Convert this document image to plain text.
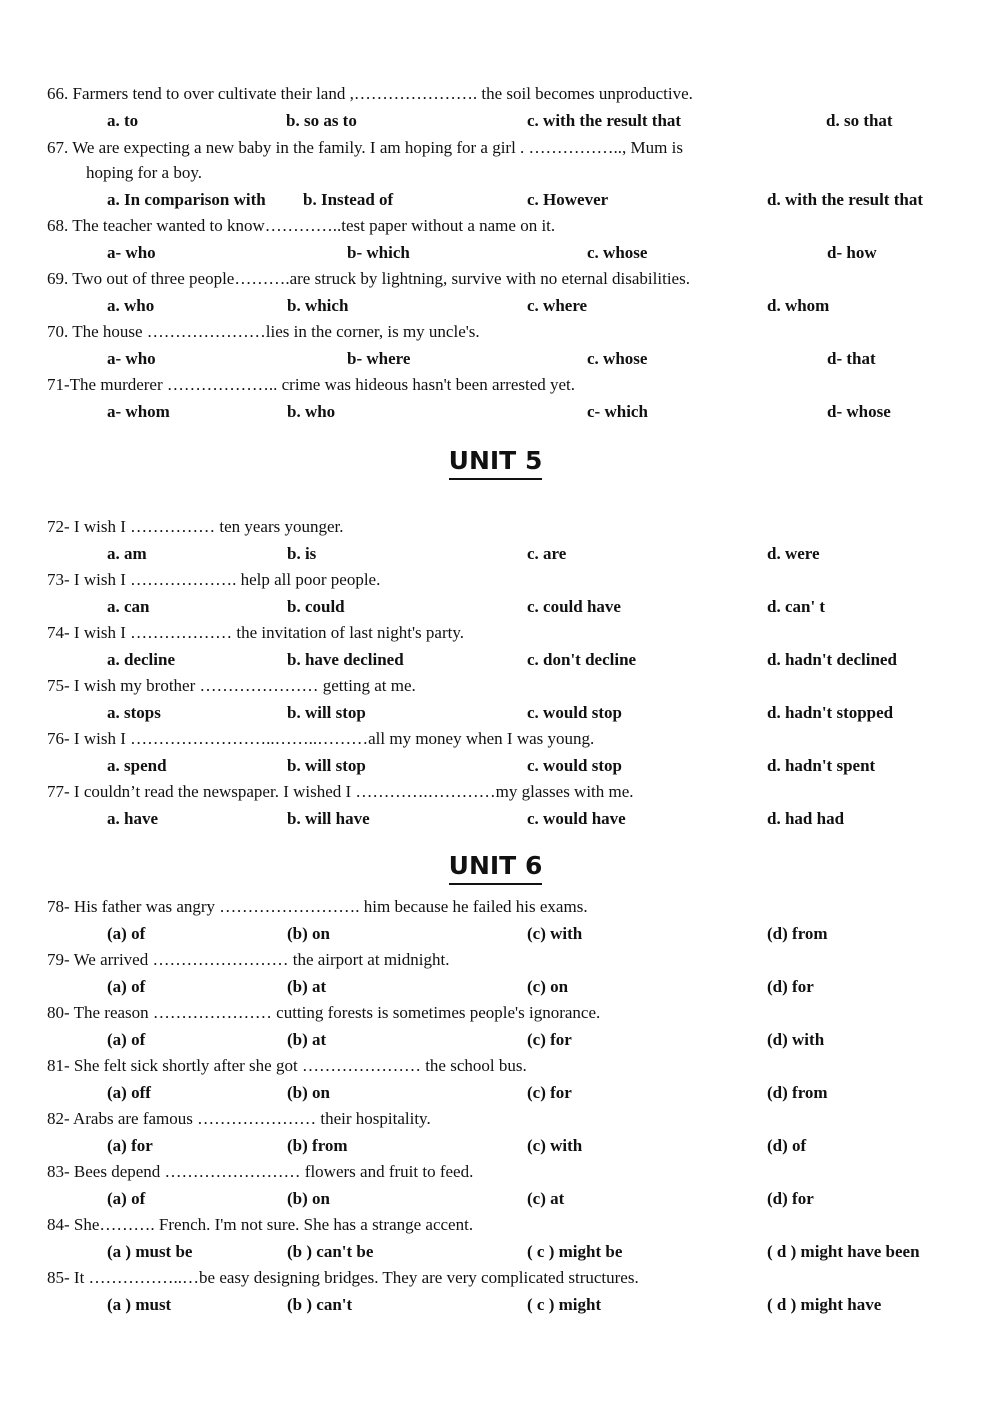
66. Farmers tend to over cultivate their land ,…………………. the soil becomes unproductive.
a. to	b. so as to	c. with the result that	d. so that
67. We are expecting a new baby in the family. I am hoping for a girl . …………….., Mum is
hoping for a boy.
a. In comparison with b. Instead of	c. However	d. with the result that
68. The teacher wanted to know…………..test paper without a name on it.
a- who	b- which	c. whose	d- how
69. Two out of three people……….are struck by lightning, survive with no eternal disabilities.
a. who	b. which	c. where	d. whom
70. The house …………………lies in the corner, is my uncle's.
a- who	b- where	c. whose	d- that
71-The murderer ……………….. crime was hideous hasn't been arrested yet.
a- whom	b. who	c- which	d- whose
UNIT 5
72- I wish I …………… ten years younger.
a. am	b. is	c. are	d. were
73- I wish I ………………. help all poor people.
a. can	b. could	c. could have	d. can' t
74- I wish I ……………… the invitation of last night's party.
a. decline	b. have declined	c. don't decline	d. hadn't declined
75- I wish my brother ………………… getting at me.
a. stops	b. will stop	c. would stop	d. hadn't stopped
76- I wish I ……………………..……..………all my money when I was young.
a. spend	b. will stop	c. would stop	d. hadn't spent
77- I couldn’t read the newspaper. I wished I ………….…………my glasses with me.
a. have	b. will have	c. would have	d. had had
UNIT 6
78- His father was angry ……………………. him because he failed his exams.
(a) of	(b) on	(c) with	(d) from
79- We arrived …………………… the airport at midnight.
(a) of	(b) at	(c) on	(d) for
80- The reason ………………… cutting forests is sometimes people's ignorance.
(a) of	(b) at	(c) for	(d) with
81- She felt sick shortly after she got ………………… the school bus.
(a) off	(b) on	(c) for	(d) from
82- Arabs are famous ………………… their hospitality.
(a) for	(b) from	(c) with	(d) of
83- Bees depend …………………… flowers and fruit to feed.
(a) of	(b) on	(c) at	(d) for
84- She………. French. I'm not sure. She has a strange accent.
(a ) must be	(b ) can't be	( c ) might be	( d ) might have been
85- It ……………..…be easy designing bridges. They are very complicated structures.
(a ) must	(b ) can't	( c ) might	( d ) might have
